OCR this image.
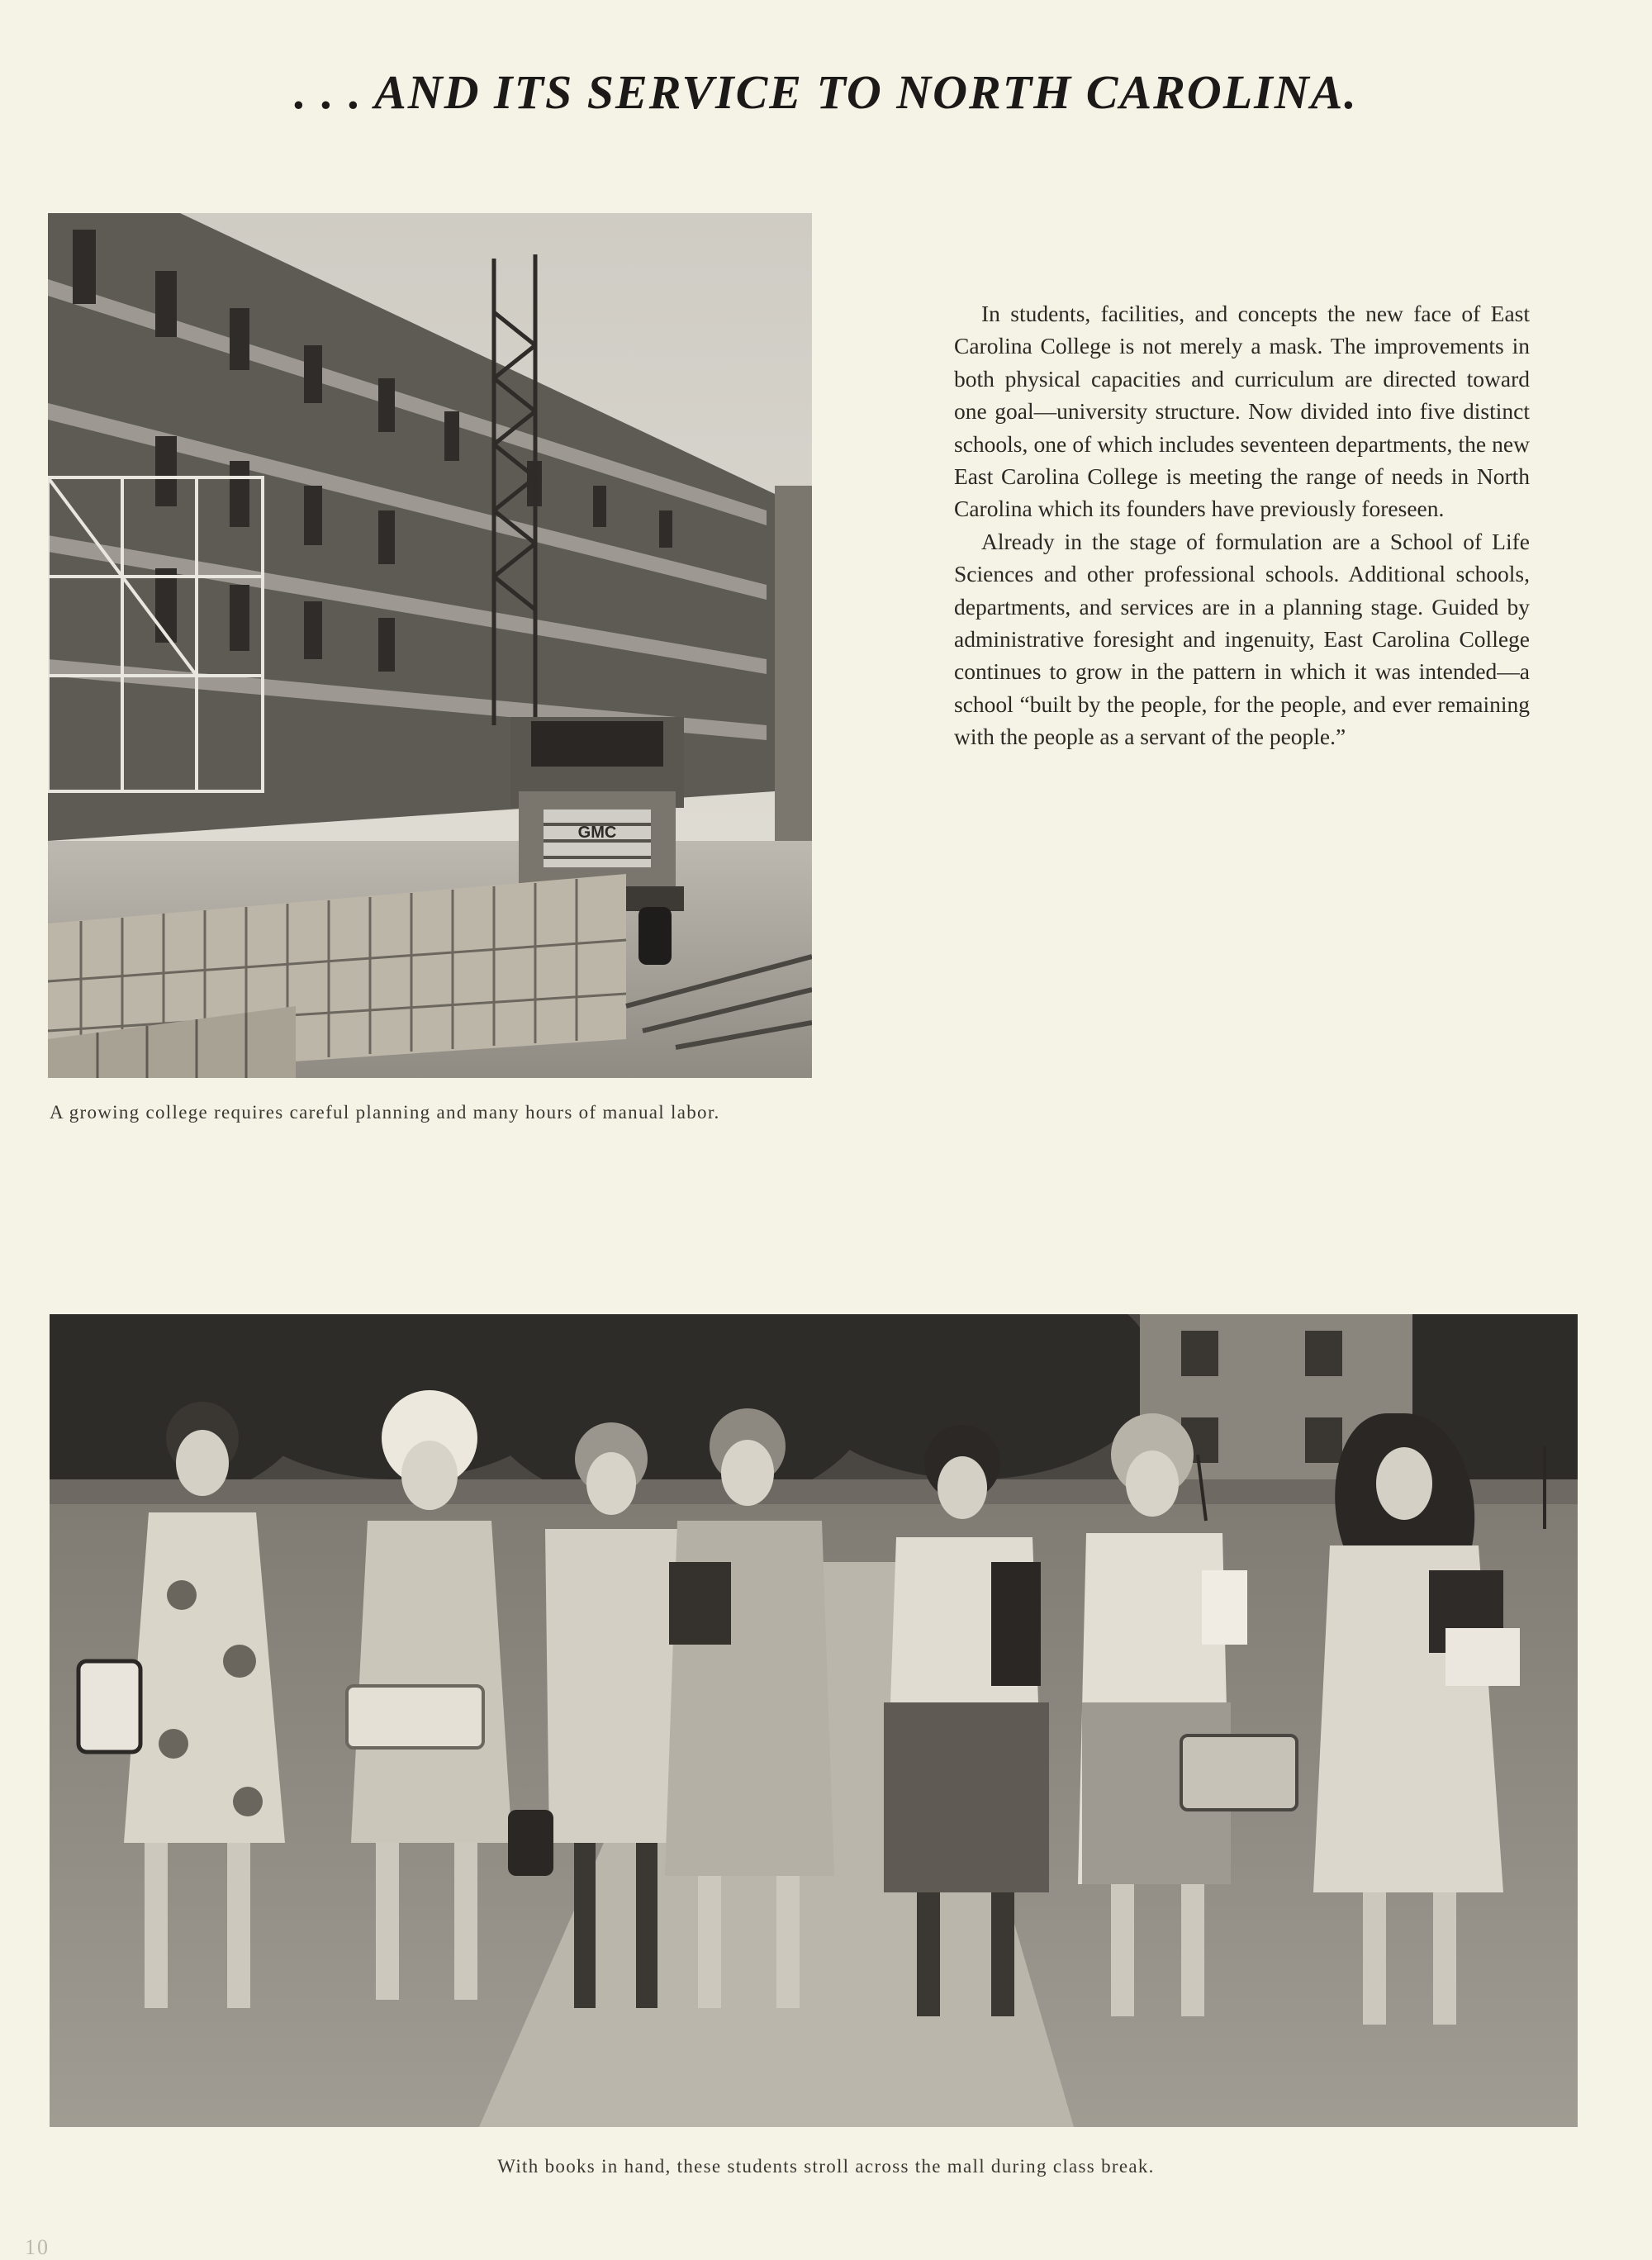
. . . AND ITS SERVICE TO NORTH CAROLINA.
GMC
A growing college requires careful planning and many hours of manual labor.

In students, facilities, and concepts the new face of East Carolina College is not merely a mask. The improvements in both physical capacities and curriculum are directed toward one goal—university structure. Now divided into five distinct schools, one of which includes seventeen departments, the new East Carolina College is meeting the range of needs in North Carolina which its founders have previously foreseen.

Already in the stage of formulation are a School of Life Sciences and other professional schools. Additional schools, departments, and services are in a planning stage. Guided by administrative foresight and ingenuity, East Carolina College continues to grow in the pattern in which it was intended—a school “built by the people, for the people, and ever remaining with the people as a servant of the people.”

With books in hand, these students stroll across the mall during class break.
10
